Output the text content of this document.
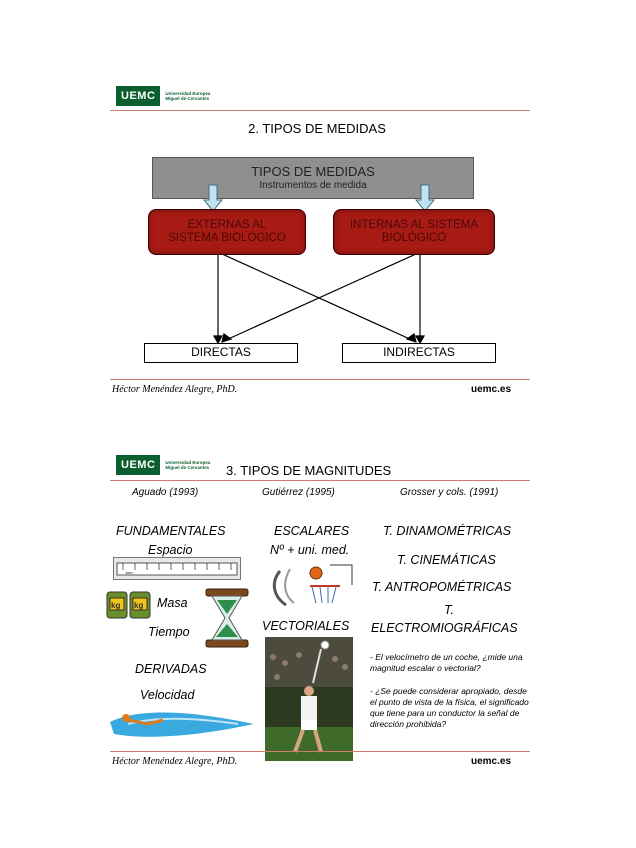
UEMC	Universidad Europea
Miguel de Cervantes
2. TIPOS DE MEDIDAS
TIPOS DE MEDIDAS
Instrumentos de medida
EXTERNAS AL
SISTEMA BIOLÓGICO
INTERNAS AL SISTEMA
BIOLÓGICO
DIRECTAS	INDIRECTAS
Héctor Menéndez Alegre, PhD.	uemc.es
UEMC	Universidad Europea
Miguel de Cervantes 3. TIPOS DE MAGNITUDES
Aguado (1993)	Gutiérrez (1995)	Grosser y cols. (1991)
FUNDAMENTALES
Espacio
1cm
kg kg Masa
Tiempo
DERIVADAS
Velocidad
ESCALARES
Nº + uni. med.
VECTORIALES
T. DINAMOMÉTRICAS
T. CINEMÁTICAS
T. ANTROPOMÉTRICAS
T.
ELECTROMIOGRÁFICAS
- El velocímetro de un coche, ¿mide una magnitud escalar o vectorial?
- ¿Se puede considerar apropiado, desde el punto de vista de la física, el significado que tiene para un conductor la señal de dirección prohibida?
Héctor Menéndez Alegre, PhD.	uemc.es
